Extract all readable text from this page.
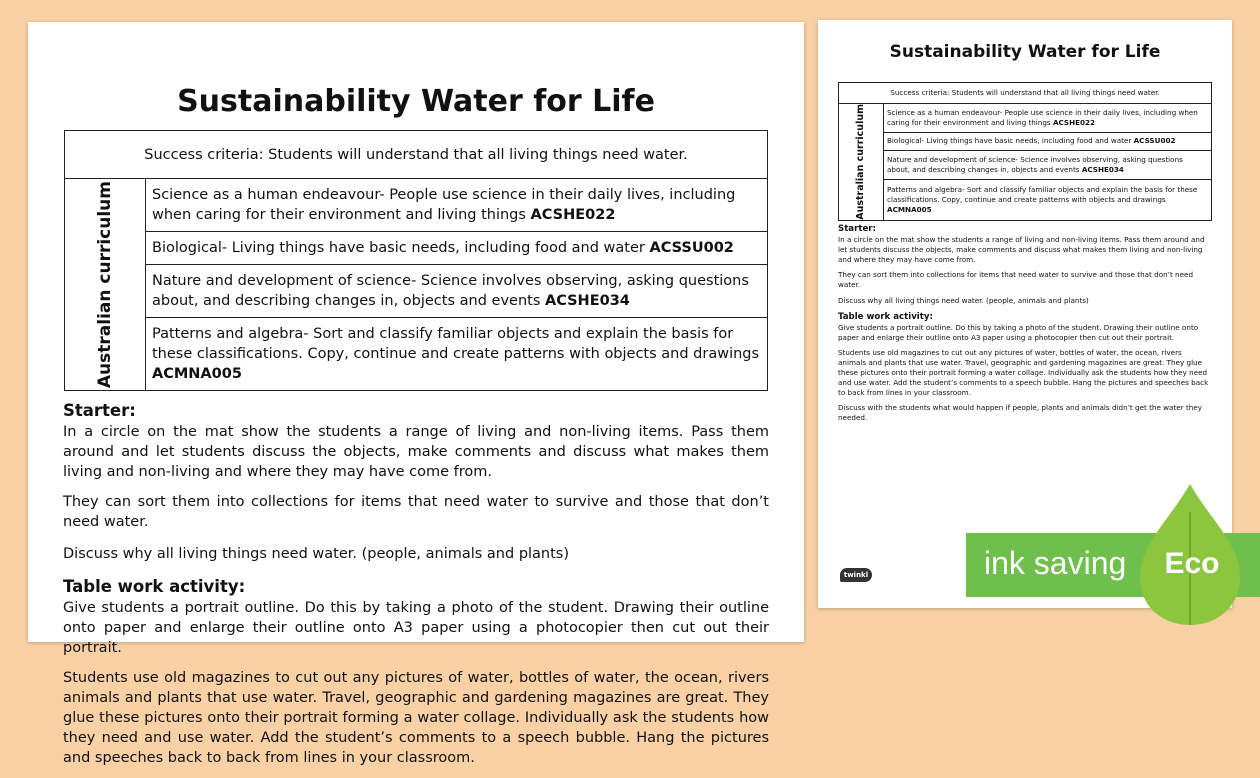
Sustainability Water for Life
Success criteria: Students will understand that all living things need water.

Australian curriculum	Science as a human endeavour- People use science in their daily lives, including when caring for their environment and living things ACSHE022
Biological- Living things have basic needs, including food and water ACSSU002
Nature and development of science- Science involves observing, asking questions about, and describing changes in, objects and events ACSHE034
Patterns and algebra- Sort and classify familiar objects and explain the basis for these classifications. Copy, continue and create patterns with objects and drawings ACMNA005
Starter:

In a circle on the mat show the students a range of living and non-living items. Pass them around and let students discuss the objects, make comments and discuss what makes them living and non-living and where they may have come from.

They can sort them into collections for items that need water to survive and those that don’t need water.

Discuss why all living things need water. (people, animals and plants)

Table work activity:

Give students a portrait outline. Do this by taking a photo of the student. Drawing their outline onto paper and enlarge their outline onto A3 paper using a photocopier then cut out their portrait.

Students use old magazines to cut out any pictures of water, bottles of water, the ocean, rivers animals and plants that use water. Travel, geographic and gardening magazines are great. They glue these pictures onto their portrait forming a water collage. Individually ask the students how they need and use water. Add the student’s comments to a speech bubble. Hang the pictures and speeches back to back from lines in your classroom.

Sustainability Water for Life
Success criteria: Students will understand that all living things need water.

Australian curriculum	Science as a human endeavour- People use science in their daily lives, including when caring for their environment and living things ACSHE022
Biological- Living things have basic needs, including food and water ACSSU002
Nature and development of science- Science involves observing, asking questions about, and describing changes in, objects and events ACSHE034
Patterns and algebra- Sort and classify familiar objects and explain the basis for these classifications. Copy, continue and create patterns with objects and drawings ACMNA005
Starter:

In a circle on the mat show the students a range of living and non-living items. Pass them around and let students discuss the objects, make comments and discuss what makes them living and non-living and where they may have come from.

They can sort them into collections for items that need water to survive and those that don’t need water.

Discuss why all living things need water. (people, animals and plants)

Table work activity:

Give students a portrait outline. Do this by taking a photo of the student. Drawing their outline onto paper and enlarge their outline onto A3 paper using a photocopier then cut out their portrait.

Students use old magazines to cut out any pictures of water, bottles of water, the ocean, rivers animals and plants that use water. Travel, geographic and gardening magazines are great. They glue these pictures onto their portrait forming a water collage. Individually ask the students how they need and use water. Add the student’s comments to a speech bubble. Hang the pictures and speeches back to back from lines in your classroom.

Discuss with the students what would happen if people, plants and animals didn’t get the water they needed.

twinkl	ink saving	Eco
